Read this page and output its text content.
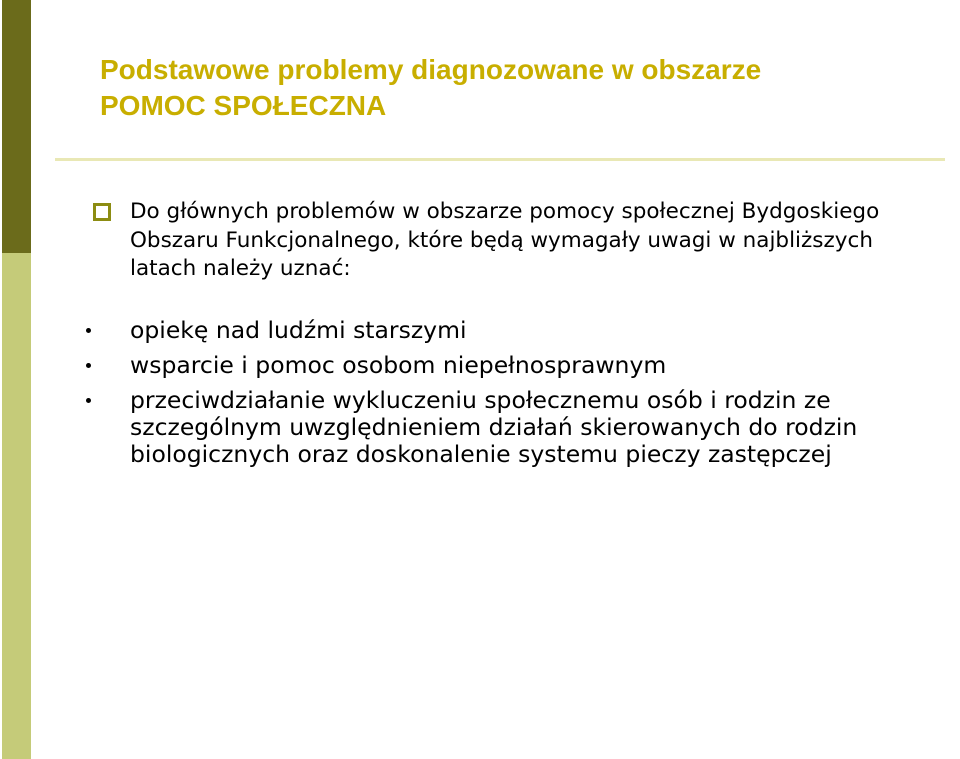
Podstawowe problemy diagnozowane w obszarze
POMOC SPOŁECZNA
Do głównych problemów w obszarze pomocy społecznej Bydgoskiego Obszaru Funkcjonalnego, które będą wymagały uwagi w najbliższych latach należy uznać:
opiekę nad ludźmi starszymi
wsparcie i pomoc osobom niepełnosprawnym
przeciwdziałanie wykluczeniu społecznemu osób i rodzin ze szczególnym uwzględnieniem działań skierowanych do rodzin biologicznych oraz doskonalenie systemu pieczy zastępczej
